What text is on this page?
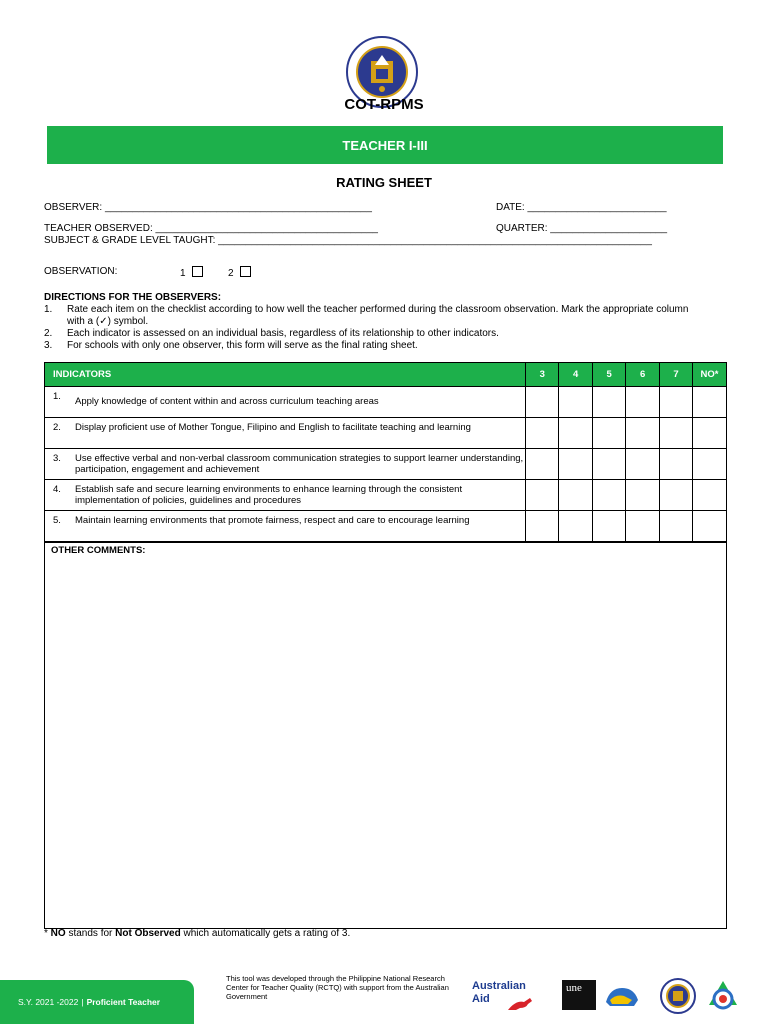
COT-RPMS
TEACHER I-III
RATING SHEET
OBSERVER: ________________________________________________	DATE: _________________________
TEACHER OBSERVED: ________________________________________	QUARTER: _____________________
SUBJECT & GRADE LEVEL TAUGHT: ______________________________________________________________________________
OBSERVATION:	1	2
DIRECTIONS FOR THE OBSERVERS:
1. Rate each item on the checklist according to how well the teacher performed during the classroom observation. Mark the appropriate column with a (✓) symbol.
2. Each indicator is assessed on an individual basis, regardless of its relationship to other indicators.
3. For schools with only one observer, this form will serve as the final rating sheet.
INDICATORS	3	4	5	6	7	NO*

1. Apply knowledge of content within and across curriculum teaching areas						

2. Display proficient use of Mother Tongue, Filipino and English to facilitate teaching and learning						

3. Use effective verbal and non-verbal classroom communication strategies to support learner understanding, participation, engagement and achievement						

4. Establish safe and secure learning environments to enhance learning through the consistent implementation of policies, guidelines and procedures						

5. Maintain learning environments that promote fairness, respect and care to encourage learning						

OTHER COMMENTS:
* NO stands for Not Observed which automatically gets a rating of 3.
S.Y. 2021 -2022 | Proficient Teacher
This tool was developed through the Philippine National Research Center for Teacher Quality (RCTQ) with support from the Australian Government
Australian
Aid
une
